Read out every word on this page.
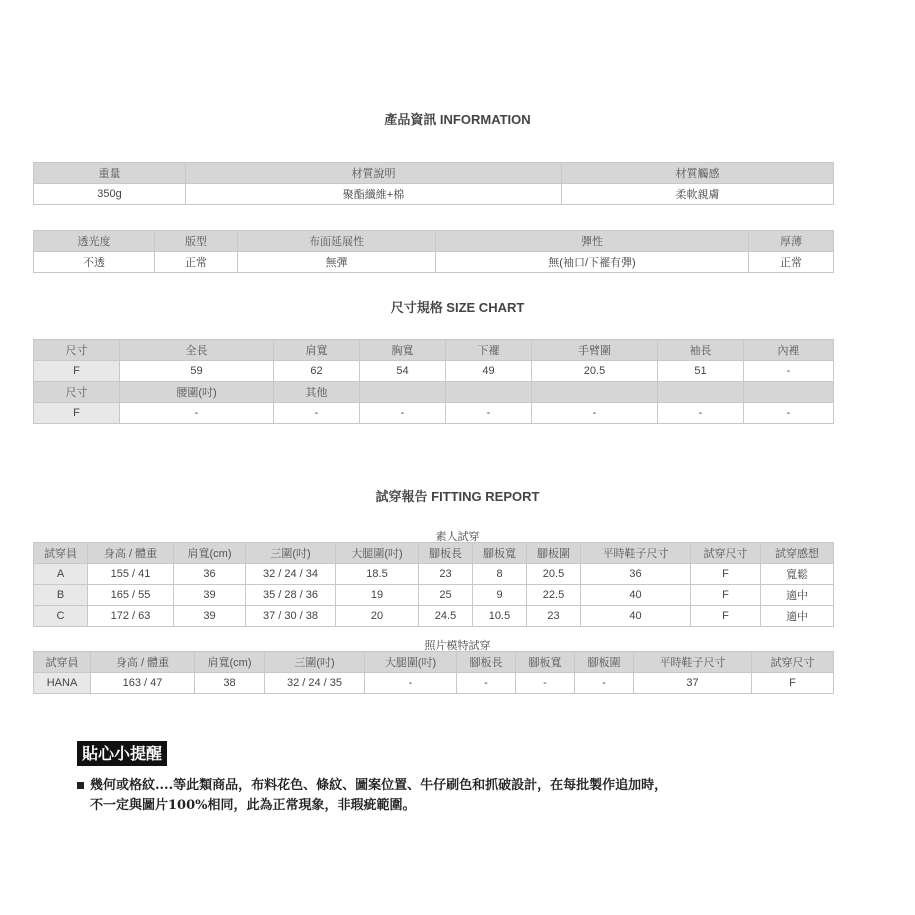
產品資訊 INFORMATION
重量	材質說明	材質觸感
350g	聚酯纖維+棉	柔軟親膚
透光度	版型	布面延展性	彈性	厚薄
不透	正常	無彈	無(袖口/下襬有彈)	正常
尺寸規格 SIZE CHART
尺寸	全長	肩寬	胸寬	下襬	手臂圍	袖長	內裡
F	59	62	54	49	20.5	51	-
尺寸	腰圍(吋)	其他					
F	-	-	-	-	-	-	-
試穿報告 FITTING REPORT
素人試穿
試穿員	身高 / 體重	肩寬(cm)	三圍(吋)	大腿圍(吋)	腳板長	腳板寬	腳板圍	平時鞋子尺寸	試穿尺寸	試穿感想
A	155 / 41	36	32 / 24 / 34	18.5	23	8	20.5	36	F	寬鬆
B	165 / 55	39	35 / 28 / 36	19	25	9	22.5	40	F	適中
C	172 / 63	39	37 / 30 / 38	20	24.5	10.5	23	40	F	適中
照片模特試穿
試穿員	身高 / 體重	肩寬(cm)	三圍(吋)	大腿圍(吋)	腳板長	腳板寬	腳板圍	平時鞋子尺寸	試穿尺寸
HANA	163 / 47	38	32 / 24 / 35	-	-	-	-	37	F
貼心小提醒
幾何或格紋....等此類商品，布料花色、條紋、圖案位置、牛仔刷色和抓破設計，在每批製作追加時，
不一定與圖片100%相同，此為正常現象，非瑕疵範圍。
